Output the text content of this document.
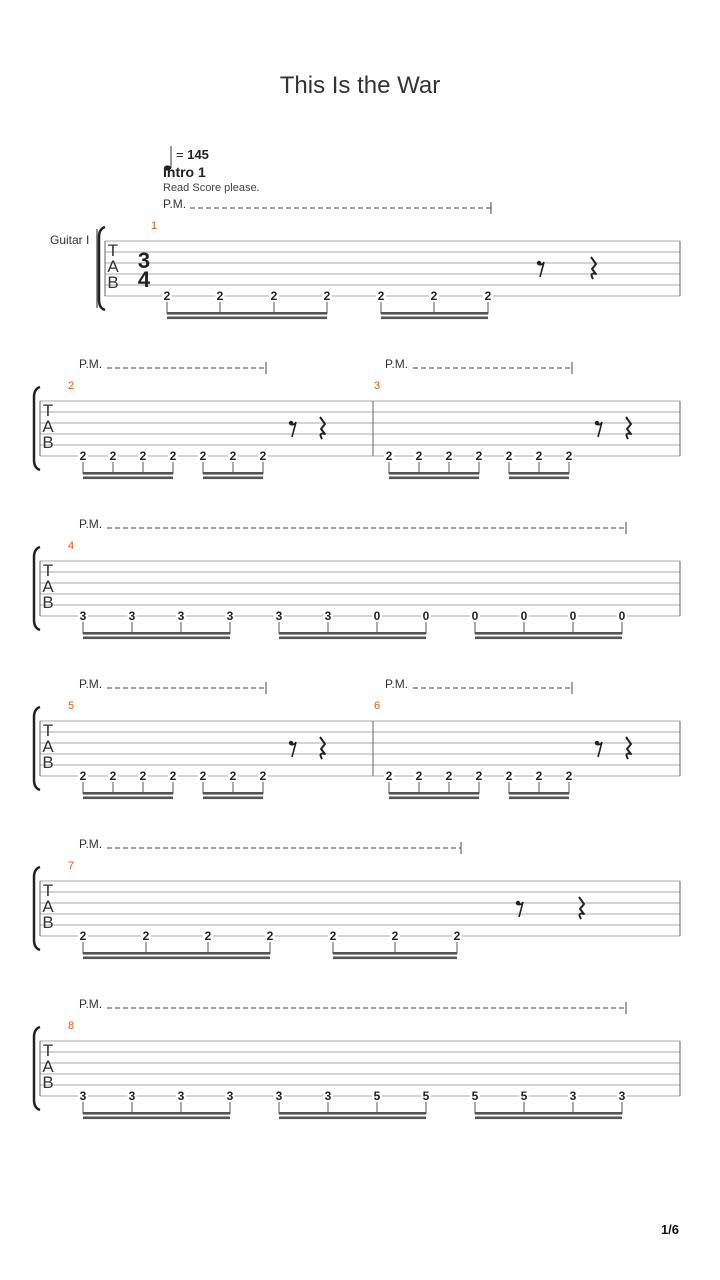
This Is the War
= 145
Intro 1
Read Score please.
Guitar I
T
A
B
3
4
1
P.M.
2	2	2	2	2	2	2
T
A
B
2
P.M.
2 2 2 2 2 2 2
3
P.M.
2 2 2 2 2 2 2
T
A
B
4
P.M.
3	3	3	3	3	3	0	0	0	0	0	0
T
A
B
5
P.M.
2 2 2 2 2 2 2
6
P.M.
2 2 2 2 2 2 2
T
A
B
7
P.M.
2	2	2	2	2	2	2
T
A
B
8
P.M.
3	3	3	3	3	3	5	5	5	5	3	3
1/6
